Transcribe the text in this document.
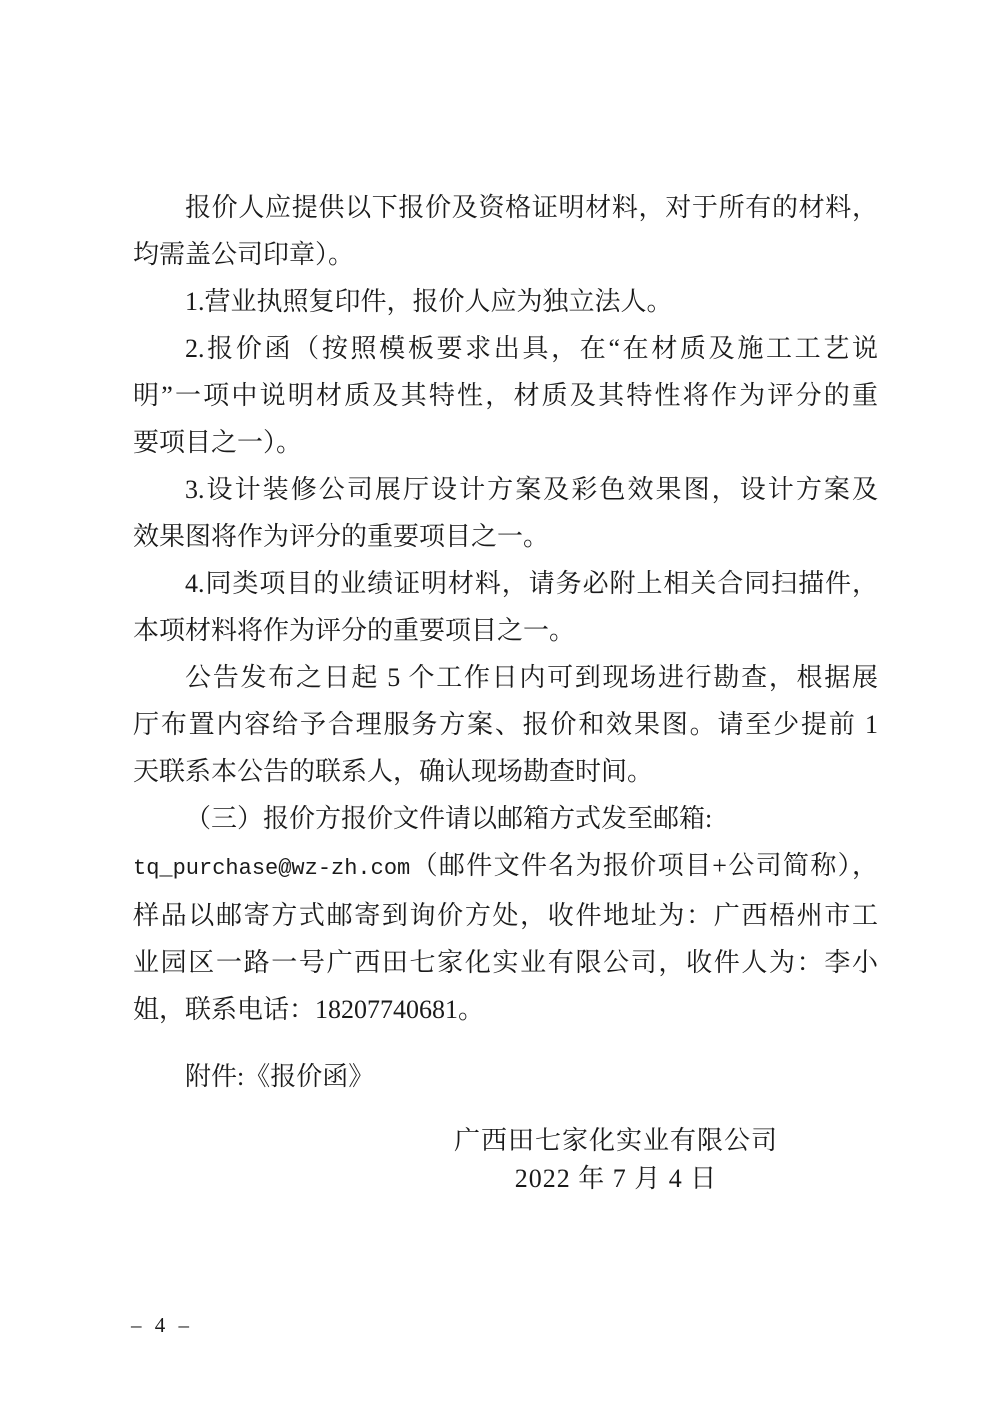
报价人应提供以下报价及资格证明材料，对于所有的材料，
均需盖公司印章）。
1.营业执照复印件，报价人应为独立法人。
2.报价函（按照模板要求出具，在“在材质及施工工艺说
明”一项中说明材质及其特性，材质及其特性将作为评分的重
要项目之一）。
3.设计装修公司展厅设计方案及彩色效果图，设计方案及
效果图将作为评分的重要项目之一。
4.同类项目的业绩证明材料，请务必附上相关合同扫描件，
本项材料将作为评分的重要项目之一。
公告发布之日起 5 个工作日内可到现场进行勘查，根据展
厅布置内容给予合理服务方案、报价和效果图。请至少提前 1
天联系本公告的联系人，确认现场勘查时间。
（三）报价方报价文件请以邮箱方式发至邮箱:
tq_purchase@wz-zh.com（邮件文件名为报价项目+公司简称），
样品以邮寄方式邮寄到询价方处，收件地址为：广西梧州市工
业园区一路一号广西田七家化实业有限公司，收件人为：李小
姐，联系电话：18207740681。
附件:《报价函》
广西田七家化实业有限公司
2022 年 7 月 4 日
– 4 –
